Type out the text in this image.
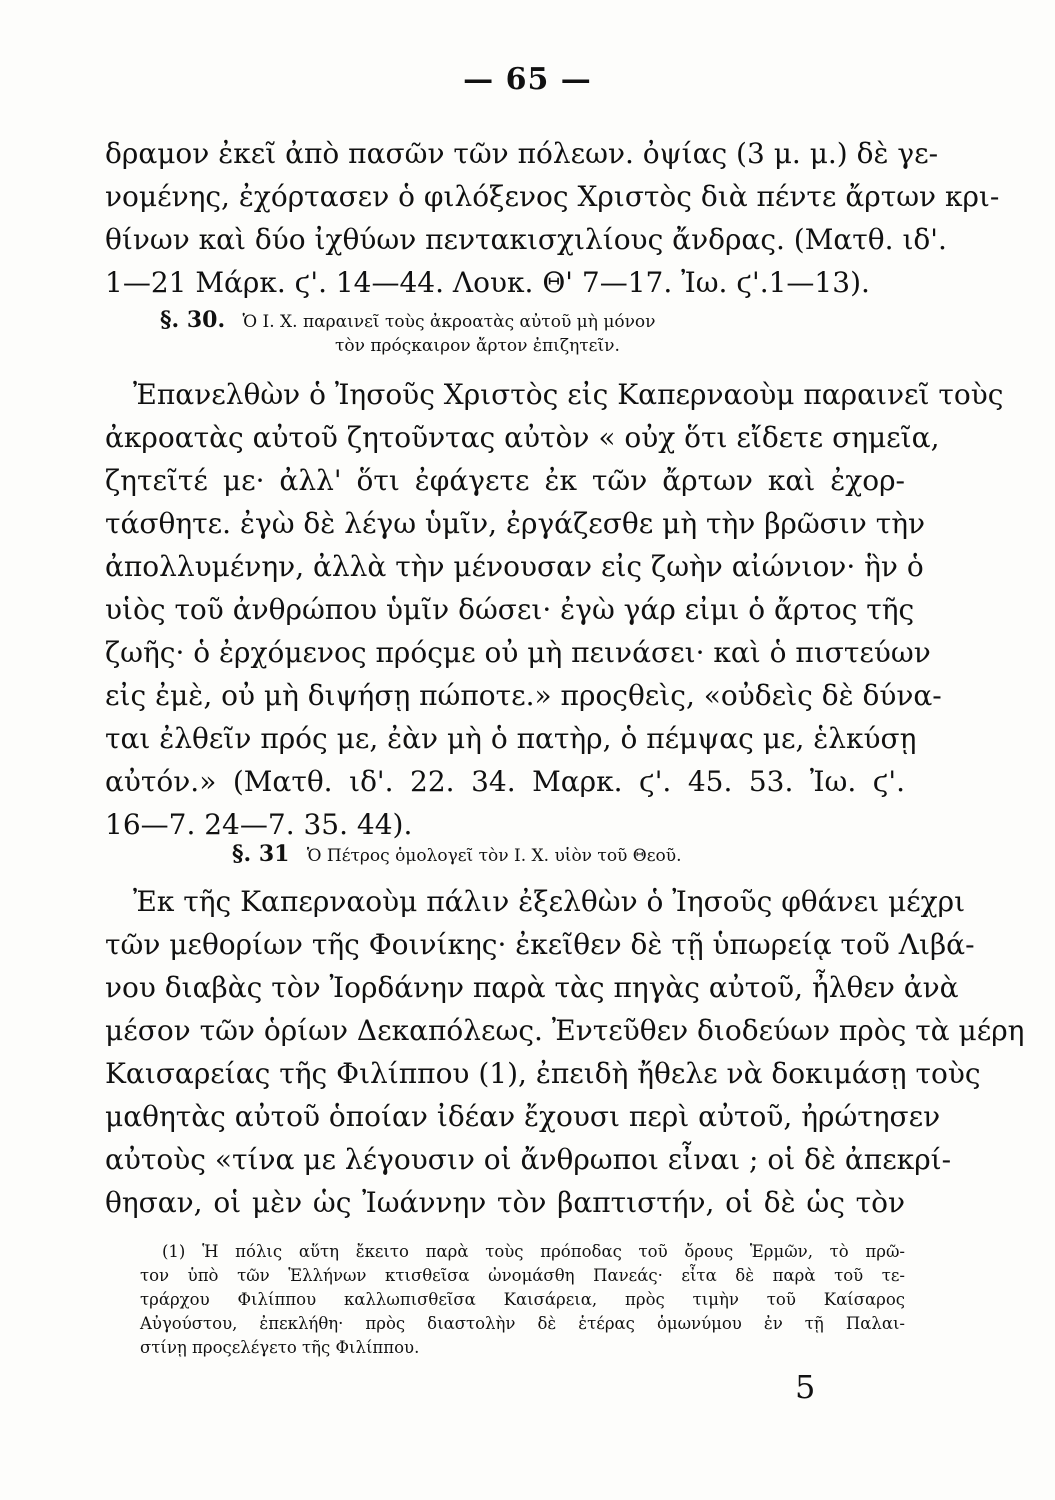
— 65 —
δραμον ἐκεῖ ἀπὸ πασῶν τῶν πόλεων. ὀψίας (3 μ. μ.) δὲ γε-
νομένης, ἐχόρτασεν ὁ φιλόξενος Χριστὸς διὰ πέντε ἄρτων κρι-
θίνων καὶ δύο ἰχθύων πεντακισχιλίους ἄνδρας. (Ματθ. ιδ'.
1—21 Μάρκ. ϛ'. 14—44. Λουκ. Θ' 7—17. Ἰω. ϛ'.1—13).
§. 30. Ὁ Ι. Χ. παραινεῖ τοὺς ἀκροατὰς αὐτοῦ μὴ μόνον
τὸν πρόςκαιρον ἄρτον ἐπιζητεῖν.
Ἐπανελθὼν ὁ Ἰησοῦς Χριστὸς εἰς Καπερναοὺμ παραινεῖ τοὺς
ἀκροατὰς αὐτοῦ ζητοῦντας αὐτὸν « οὐχ ὅτι εἴδετε σημεῖα,
ζητεῖτέ με· ἀλλ' ὅτι ἐφάγετε ἐκ τῶν ἄρτων καὶ ἐχορ-
τάσθητε. ἐγὼ δὲ λέγω ὑμῖν, ἐργάζεσθε μὴ τὴν βρῶσιν τὴν
ἀπολλυμένην, ἀλλὰ τὴν μένουσαν εἰς ζωὴν αἰώνιον· ἣν ὁ
υἱὸς τοῦ ἀνθρώπου ὑμῖν δώσει· ἐγὼ γάρ εἰμι ὁ ἄρτος τῆς
ζωῆς· ὁ ἐρχόμενος πρόςμε οὐ μὴ πεινάσει· καὶ ὁ πιστεύων
εἰς ἐμὲ, οὐ μὴ διψήσῃ πώποτε.» προςθεὶς, «οὐδεὶς δὲ δύνα-
ται ἐλθεῖν πρός με, ἐὰν μὴ ὁ πατὴρ, ὁ πέμψας με, ἑλκύσῃ
αὐτόν.» (Ματθ. ιδ'. 22. 34. Μαρκ. ϛ'. 45. 53. Ἰω. ϛ'.
16—7. 24—7. 35. 44).
§. 31 Ὁ Πέτρος ὁμολογεῖ τὸν Ι. Χ. υἱὸν τοῦ Θεοῦ.
Ἐκ τῆς Καπερναοὺμ πάλιν ἐξελθὼν ὁ Ἰησοῦς φθάνει μέχρι
τῶν μεθορίων τῆς Φοινίκης· ἐκεῖθεν δὲ τῇ ὑπωρείᾳ τοῦ Λιβά-
νου διαβὰς τὸν Ἰορδάνην παρὰ τὰς πηγὰς αὐτοῦ, ἦλθεν ἀνὰ
μέσον τῶν ὁρίων Δεκαπόλεως. Ἐντεῦθεν διοδεύων πρὸς τὰ μέρη
Καισαρείας τῆς Φιλίππου (1), ἐπειδὴ ἤθελε νὰ δοκιμάσῃ τοὺς
μαθητὰς αὐτοῦ ὁποίαν ἰδέαν ἔχουσι περὶ αὐτοῦ, ἠρώτησεν
αὐτοὺς «τίνα με λέγουσιν οἱ ἄνθρωποι εἶναι ; οἱ δὲ ἀπεκρί-
θησαν, οἱ μὲν ὡς Ἰωάννην τὸν βαπτιστήν, οἱ δὲ ὡς τὸν
(1) Ἡ πόλις αὕτη ἔκειτο παρὰ τοὺς πρόποδας τοῦ ὄρους Ἑρμῶν, τὸ πρῶ-
τον ὑπὸ τῶν Ἑλλήνων κτισθεῖσα ὠνομάσθη Πανεάς· εἶτα δὲ παρὰ τοῦ τε-
τράρχου Φιλίππου καλλωπισθεῖσα Καισάρεια, πρὸς τιμὴν τοῦ Καίσαρος
Αὐγούστου, ἐπεκλήθη· πρὸς διαστολὴν δὲ ἑτέρας ὁμωνύμου ἐν τῇ Παλαι-
στίνῃ προςελέγετο τῆς Φιλίππου.
5
